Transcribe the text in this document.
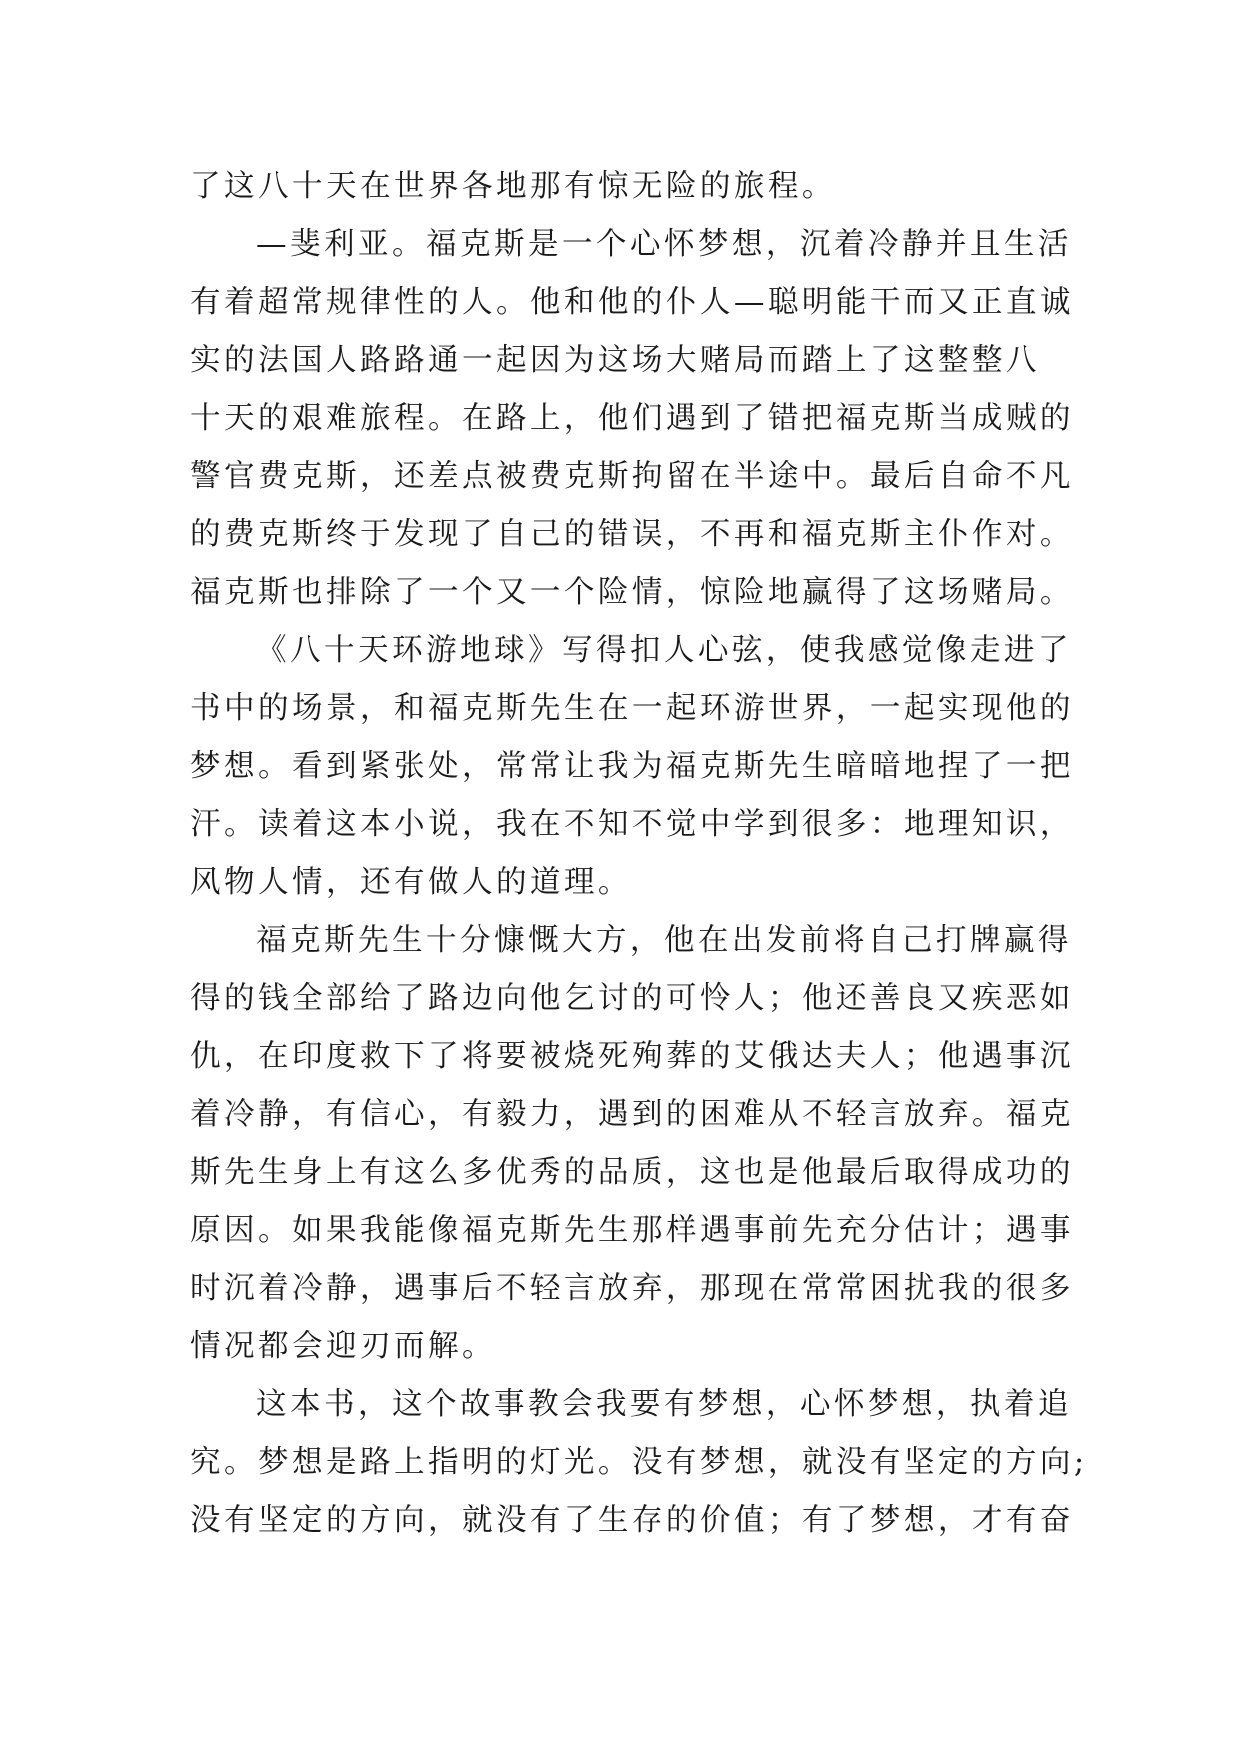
了这八十天在世界各地那有惊无险的旅程。
—斐利亚。福克斯是一个心怀梦想，沉着冷静并且生活
有着超常规律性的人。他和他的仆人—聪明能干而又正直诚
实的法国人路路通一起因为这场大赌局而踏上了这整整八
十天的艰难旅程。在路上，他们遇到了错把福克斯当成贼的
警官费克斯，还差点被费克斯拘留在半途中。最后自命不凡
的费克斯终于发现了自己的错误，不再和福克斯主仆作对。
福克斯也排除了一个又一个险情，惊险地赢得了这场赌局。
《八十天环游地球》写得扣人心弦，使我感觉像走进了
书中的场景，和福克斯先生在一起环游世界，一起实现他的
梦想。看到紧张处，常常让我为福克斯先生暗暗地捏了一把
汗。读着这本小说，我在不知不觉中学到很多：地理知识，
风物人情，还有做人的道理。
福克斯先生十分慷慨大方，他在出发前将自己打牌赢得
得的钱全部给了路边向他乞讨的可怜人；他还善良又疾恶如
仇，在印度救下了将要被烧死殉葬的艾俄达夫人；他遇事沉
着冷静，有信心，有毅力，遇到的困难从不轻言放弃。福克
斯先生身上有这么多优秀的品质，这也是他最后取得成功的
原因。如果我能像福克斯先生那样遇事前先充分估计；遇事
时沉着冷静，遇事后不轻言放弃，那现在常常困扰我的很多
情况都会迎刃而解。
这本书，这个故事教会我要有梦想，心怀梦想，执着追
究。梦想是路上指明的灯光。没有梦想，就没有坚定的方向;
没有坚定的方向，就没有了生存的价值；有了梦想，才有奋
